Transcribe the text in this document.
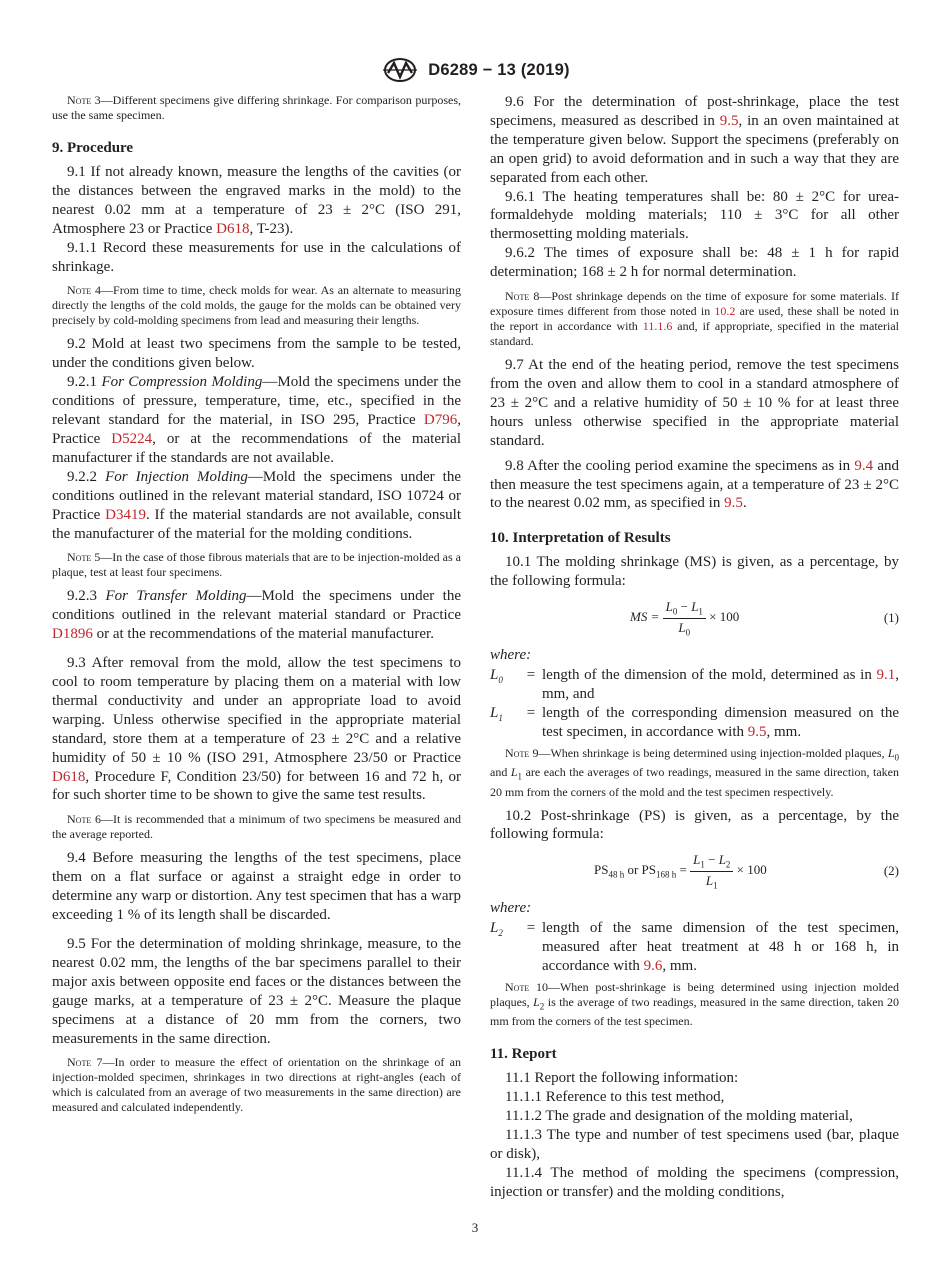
D6289 − 13 (2019)
Note 3—Different specimens give differing shrinkage. For comparison purposes, use the same specimen.
9. Procedure

9.1 If not already known, measure the lengths of the cavities (or the distances between the engraved marks in the mold) to the nearest 0.02 mm at a temperature of 23 ± 2°C (ISO 291, Atmosphere 23 or Practice D618, T-23).

9.1.1 Record these measurements for use in the calculations of shrinkage.

Note 4—From time to time, check molds for wear. As an alternate to measuring directly the lengths of the cold molds, the gauge for the molds can be obtained very precisely by cold-molding specimens from lead and measuring their lengths.

9.2 Mold at least two specimens from the sample to be tested, under the conditions given below.

9.2.1 For Compression Molding—Mold the specimens under the conditions of pressure, temperature, time, etc., specified in the relevant standard for the material, in ISO 295, Practice D796, Practice D5224, or at the recommendations of the material manufacturer if the standards are not available.

9.2.2 For Injection Molding—Mold the specimens under the conditions outlined in the relevant material standard, ISO 10724 or Practice D3419. If the material standards are not available, consult the manufacturer of the material for the molding conditions.

Note 5—In the case of those fibrous materials that are to be injection-molded as a plaque, test at least four specimens.

9.2.3 For Transfer Molding—Mold the specimens under the conditions outlined in the relevant material standard or Practice D1896 or at the recommendations of the material manufacturer.

9.3 After removal from the mold, allow the test specimens to cool to room temperature by placing them on a material with low thermal conductivity and under an appropriate load to avoid warping. Unless otherwise specified in the appropriate material standard, store them at a temperature of 23 ± 2°C and a relative humidity of 50 ± 10 % (ISO 291, Atmosphere 23/50 or Practice D618, Procedure F, Condition 23/50) for between 16 and 72 h, or for such shorter time to be shown to give the same test results.

Note 6—It is recommended that a minimum of two specimens be measured and the average reported.

9.4 Before measuring the lengths of the test specimens, place them on a flat surface or against a straight edge in order to determine any warp or distortion. Any test specimen that has a warp exceeding 1 % of its length shall be discarded.

9.5 For the determination of molding shrinkage, measure, to the nearest 0.02 mm, the lengths of the bar specimens parallel to their major axis between opposite end faces or the distances between the gauge marks, at a temperature of 23 ± 2°C. Measure the plaque specimens at a distance of 20 mm from the corners, two measurements in the same direction.

Note 7—In order to measure the effect of orientation on the shrinkage of an injection-molded specimen, shrinkages in two directions at right-angles (each of which is calculated from an average of two measurements in the same direction) are measured and calculated independently.

9.6 For the determination of post-shrinkage, place the test specimens, measured as described in 9.5, in an oven maintained at the temperature given below. Support the specimens (preferably on an open grid) to avoid deformation and in such a way that they are separated from each other.

9.6.1 The heating temperatures shall be: 80 ± 2°C for urea-formaldehyde molding materials; 110 ± 3°C for all other thermosetting molding materials.

9.6.2 The times of exposure shall be: 48 ± 1 h for rapid determination; 168 ± 2 h for normal determination.

Note 8—Post shrinkage depends on the time of exposure for some materials. If exposure times different from those noted in 10.2 are used, these shall be noted in the report in accordance with 11.1.6 and, if appropriate, specified in the material standard.

9.7 At the end of the heating period, remove the test specimens from the oven and allow them to cool in a standard atmosphere of 23 ± 2°C and a relative humidity of 50 ± 10 % for at least three hours unless otherwise specified in the appropriate material standard.

9.8 After the cooling period examine the specimens as in 9.4 and then measure the test specimens again, at a temperature of 23 ± 2°C to the nearest 0.02 mm, as specified in 9.5.

10. Interpretation of Results

10.1 The molding shrinkage (MS) is given, as a percentage, by the following formula:

MS = $\frac{L_0 - L_1}{L_0} \times 100$	(1)
where:
$L_0$	= length of the dimension of the mold, determined as in 9.1, mm, and
$L_1$	= length of the corresponding dimension measured on the test specimen, in accordance with 9.5, mm.
Note 9—When shrinkage is being determined using injection-molded plaques, $L_0$ and $L_1$ are each the averages of two readings, measured in the same direction, taken 20 mm from the corners of the mold and the test specimen respectively.

10.2 Post-shrinkage (PS) is given, as a percentage, by the following formula:

$PS_{48 h}$ or $PS_{168 h} = \frac{L_1 - L_2}{L_1} \times 100$	(2)
where:
$L_2$	= length of the same dimension of the test specimen, measured after heat treatment at 48 h or 168 h, in accordance with 9.6, mm.
Note 10—When post-shrinkage is being determined using injection molded plaques, $L_2$ is the average of two readings, measured in the same direction, taken 20 mm from the corners of the test specimen.
11. Report

11.1 Report the following information:

11.1.1 Reference to this test method,

11.1.2 The grade and designation of the molding material,

11.1.3 The type and number of test specimens used (bar, plaque or disk),

11.1.4 The method of molding the specimens (compression, injection or transfer) and the molding conditions,

3
